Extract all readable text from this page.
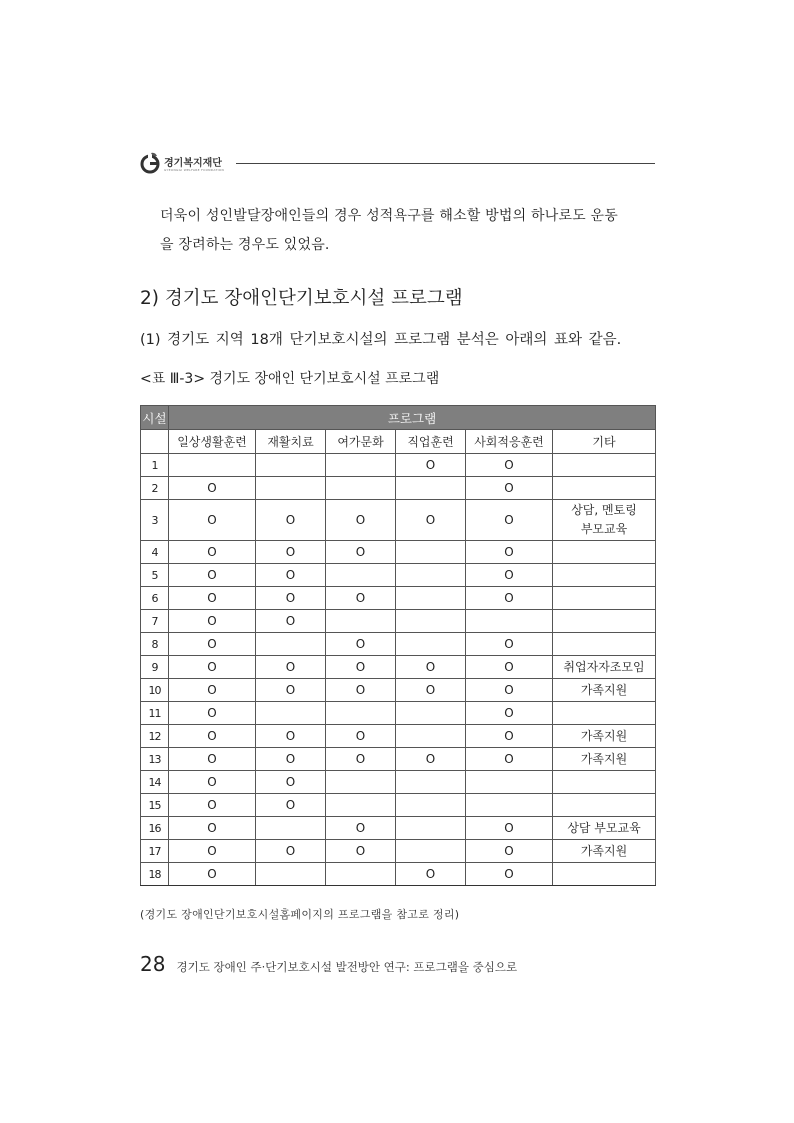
경기복지재단
GYEONGGI WELFARE FOUNDATION
더욱이 성인발달장애인들의 경우 성적욕구를 해소할 방법의 하나로도 운동
을 장려하는 경우도 있었음.
2) 경기도 장애인단기보호시설 프로그램
(1) 경기도 지역 18개 단기보호시설의 프로그램 분석은 아래의 표와 같음.
<표 Ⅲ-3> 경기도 장애인 단기보호시설 프로그램
시설	프로그램					
	일상생활훈련	재활치료	여가문화	직업훈련	사회적응훈련	기타
1				O	O	
2	O				O	
3	O	O	O	O	O	상담, 멘토링
부모교육

4	O	O	O		O	
5	O	O			O	
6	O	O	O		O	
7	O	O				
8	O		O		O	
9	O	O	O	O	O	취업자자조모임
10	O	O	O	O	O	가족지원
11	O				O	
12	O	O	O		O	가족지원
13	O	O	O	O	O	가족지원
14	O	O				
15	O	O				
16	O		O		O	상담 부모교육
17	O	O	O		O	가족지원
18	O			O	O	
(경기도 장애인단기보호시설홈페이지의 프로그램을 참고로 정리)
28 경기도 장애인 주·단기보호시설 발전방안 연구: 프로그램을 중심으로
